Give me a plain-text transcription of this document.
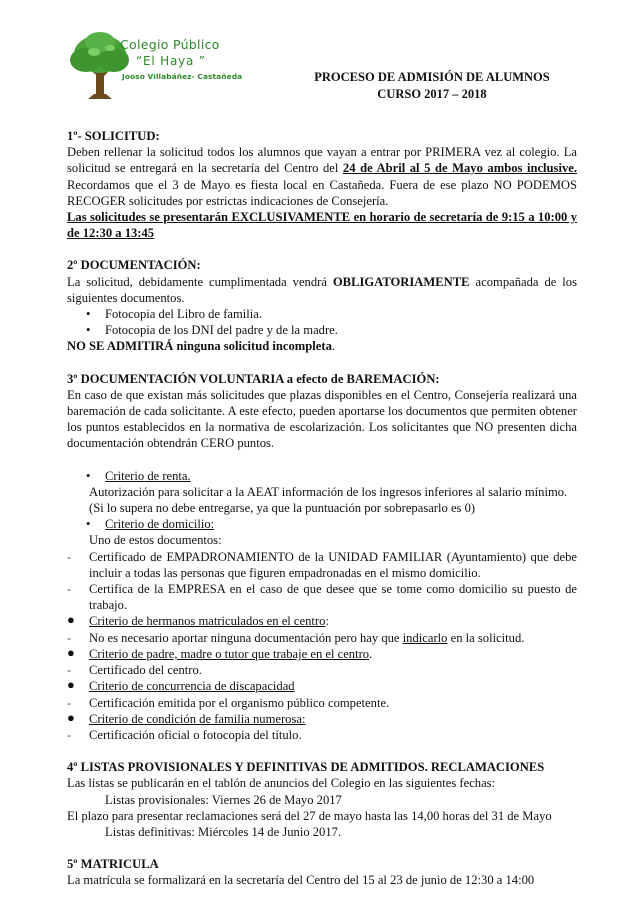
Colegio Público
“El Haya ”
Jooso Villabáñez- Castañeda	PROCESO DE ADMISIÓN DE ALUMNOS
CURSO 2017 – 2018

1º- SOLICITUD:

Deben rellenar la solicitud todos los alumnos que vayan a entrar por PRIMERA vez al colegio. La solicitud se entregará en la secretaría del Centro del 24 de Abril al 5 de Mayo ambos inclusive. Recordamos que el 3 de Mayo es fiesta local en Castañeda. Fuera de ese plazo NO PODEMOS RECOGER solicitudes por estrictas indicaciones de Consejería.

Las solicitudes se presentarán EXCLUSIVAMENTE en horario de secretaría de 9:15 a 10:00 y de 12:30 a 13:45

2º DOCUMENTACIÓN:

La solicitud, debidamente cumplimentada vendrá OBLIGATORIAMENTE acompañada de los siguientes documentos.

• Fotocopia del Libro de familia.
• Fotocopia de los DNI del padre y de la madre.

NO SE ADMITIRÁ ninguna solicitud incompleta.

3º DOCUMENTACIÓN VOLUNTARIA a efecto de BAREMACIÓN:

En caso de que existan más solicitudes que plazas disponibles en el Centro, Consejería realizará una baremación de cada solicitante. A este efecto, pueden aportarse los documentos que permiten obtener los puntos establecidos en la normativa de escolarización. Los solicitantes que NO presenten dicha documentación obtendrán CERO puntos.

• Criterio de renta.

Autorización para solicitar a la AEAT información de los ingresos inferiores al salario mínimo.

(Si lo supera no debe entregarse, ya que la puntuación por sobrepasarlo es 0)

• Criterio de domicilio:

Uno de estos documentos:

- Certificado de EMPADRONAMIENTO de la UNIDAD FAMILIAR (Ayuntamiento) que debe incluir a todas las personas que figuren empadronadas en el mismo domicilio.
- Certifica de la EMPRESA en el caso de que desee que se tome como domicilio su puesto de trabajo.
● Criterio de hermanos matriculados en el centro:
- No es necesario aportar ninguna documentación pero hay que indicarlo en la solicitud.
● Criterio de padre, madre o tutor que trabaje en el centro.
- Certificado del centro.
● Criterio de concurrencia de discapacidad
- Certificación emitida por el organismo público competente.
● Criterio de condición de familia numerosa:
- Certificación oficial o fotocopia del título.

4º LISTAS PROVISIONALES Y DEFINITIVAS DE ADMITIDOS. RECLAMACIONES

Las listas se publicarán en el tablón de anuncios del Colegio en las siguientes fechas:

Listas provisionales: Viernes 26 de Mayo 2017

El plazo para presentar reclamaciones será del 27 de mayo hasta las 14,00 horas del 31 de Mayo

Listas definitivas: Miércoles 14 de Junio 2017.

5º MATRICULA

La matrícula se formalizará en la secretaría del Centro del 15 al 23 de junio de 12:30 a 14:00
